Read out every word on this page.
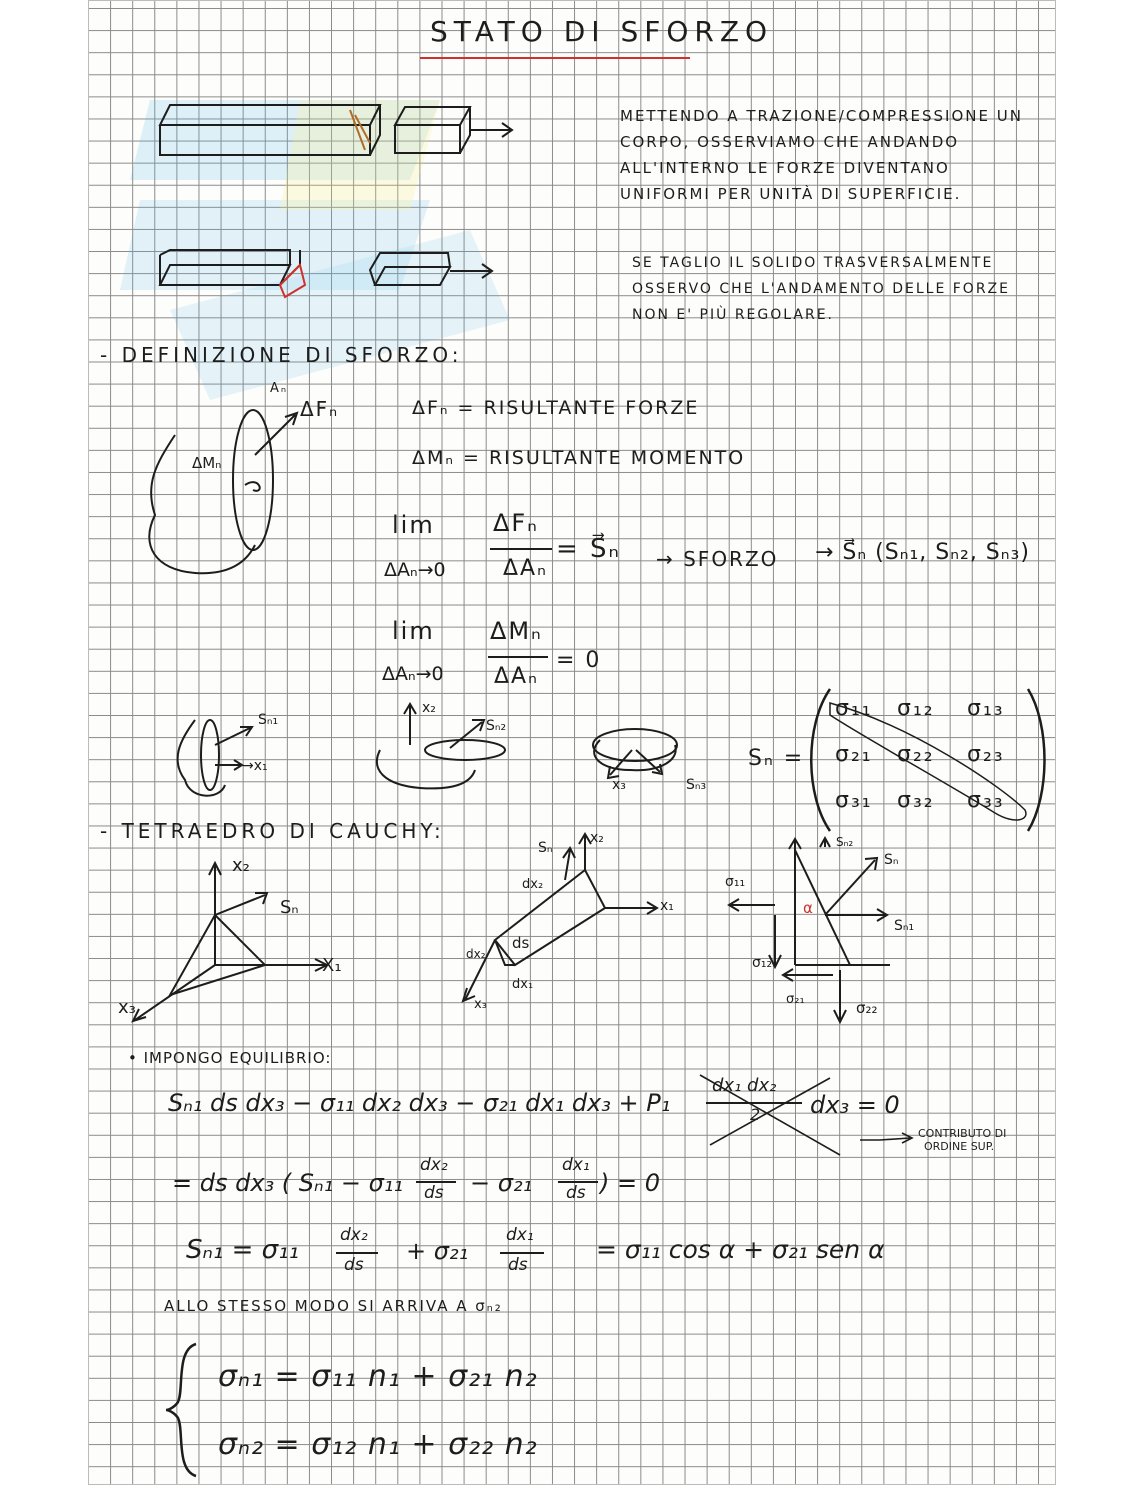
STATO DI SFORZO
METTENDO A TRAZIONE/COMPRESSIONE UN
CORPO, OSSERVIAMO CHE ANDANDO
ALL'INTERNO LE FORZE DIVENTANO
UNIFORMI PER UNITÀ DI SUPERFICIE.
SE TAGLIO IL SOLIDO TRASVERSALMENTE
OSSERVO CHE L'ANDAMENTO DELLE FORZE
NON E' PIÙ REGOLARE.
- DEFINIZIONE DI SFORZO:
Aₙ
ΔFₙ
ΔMₙ
ΔFₙ = RISULTANTE FORZE
ΔMₙ = RISULTANTE MOMENTO
lim
ΔAₙ→0
ΔFₙ
ΔAₙ
= S⃗ₙ → SFORZO → S⃗ₙ (Sₙ₁, Sₙ₂, Sₙ₃)
lim
ΔAₙ→0
ΔMₙ
ΔAₙ
= 0
Sₙ₁
→x₁
x₂
Sₙ₂
x₃	Sₙ₃
Sₙ =
σ₁₁ σ₁₂ σ₁₃
σ₂₁ σ₂₂ σ₂₃
σ₃₁ σ₃₂ σ₃₃
- TETRAEDRO DI CAUCHY:
x₂
X₁
x₃
Sₙ
Sₙ
x₂
x₁
dx₂
ds
dx₂
dx₁
x₃
Sₙ₂
Sₙ
σ₁₁
Sₙ₁
α
σ₁₂
σ₂₁	σ₂₂
• IMPONGO EQUILIBRIO:
Sₙ₁ ds dx₃ − σ₁₁ dx₂ dx₃ − σ₂₁ dx₁ dx₃ + P₁
dx₁ dx₂
2 dx₃ = 0
CONTRIBUTO DI
ORDINE SUP.
= ds dx₃ ( Sₙ₁ − σ₁₁
dx₂
ds − σ₂₁
dx₁
ds ) = 0
Sₙ₁ = σ₁₁ dx₂
ds + σ₂₁
dx₁
ds
= σ₁₁ cos α + σ₂₁ sen α
ALLO STESSO MODO SI ARRIVA A σₙ₂
σₙ₁ = σ₁₁ n₁ + σ₂₁ n₂
σₙ₂ = σ₁₂ n₁ + σ₂₂ n₂
